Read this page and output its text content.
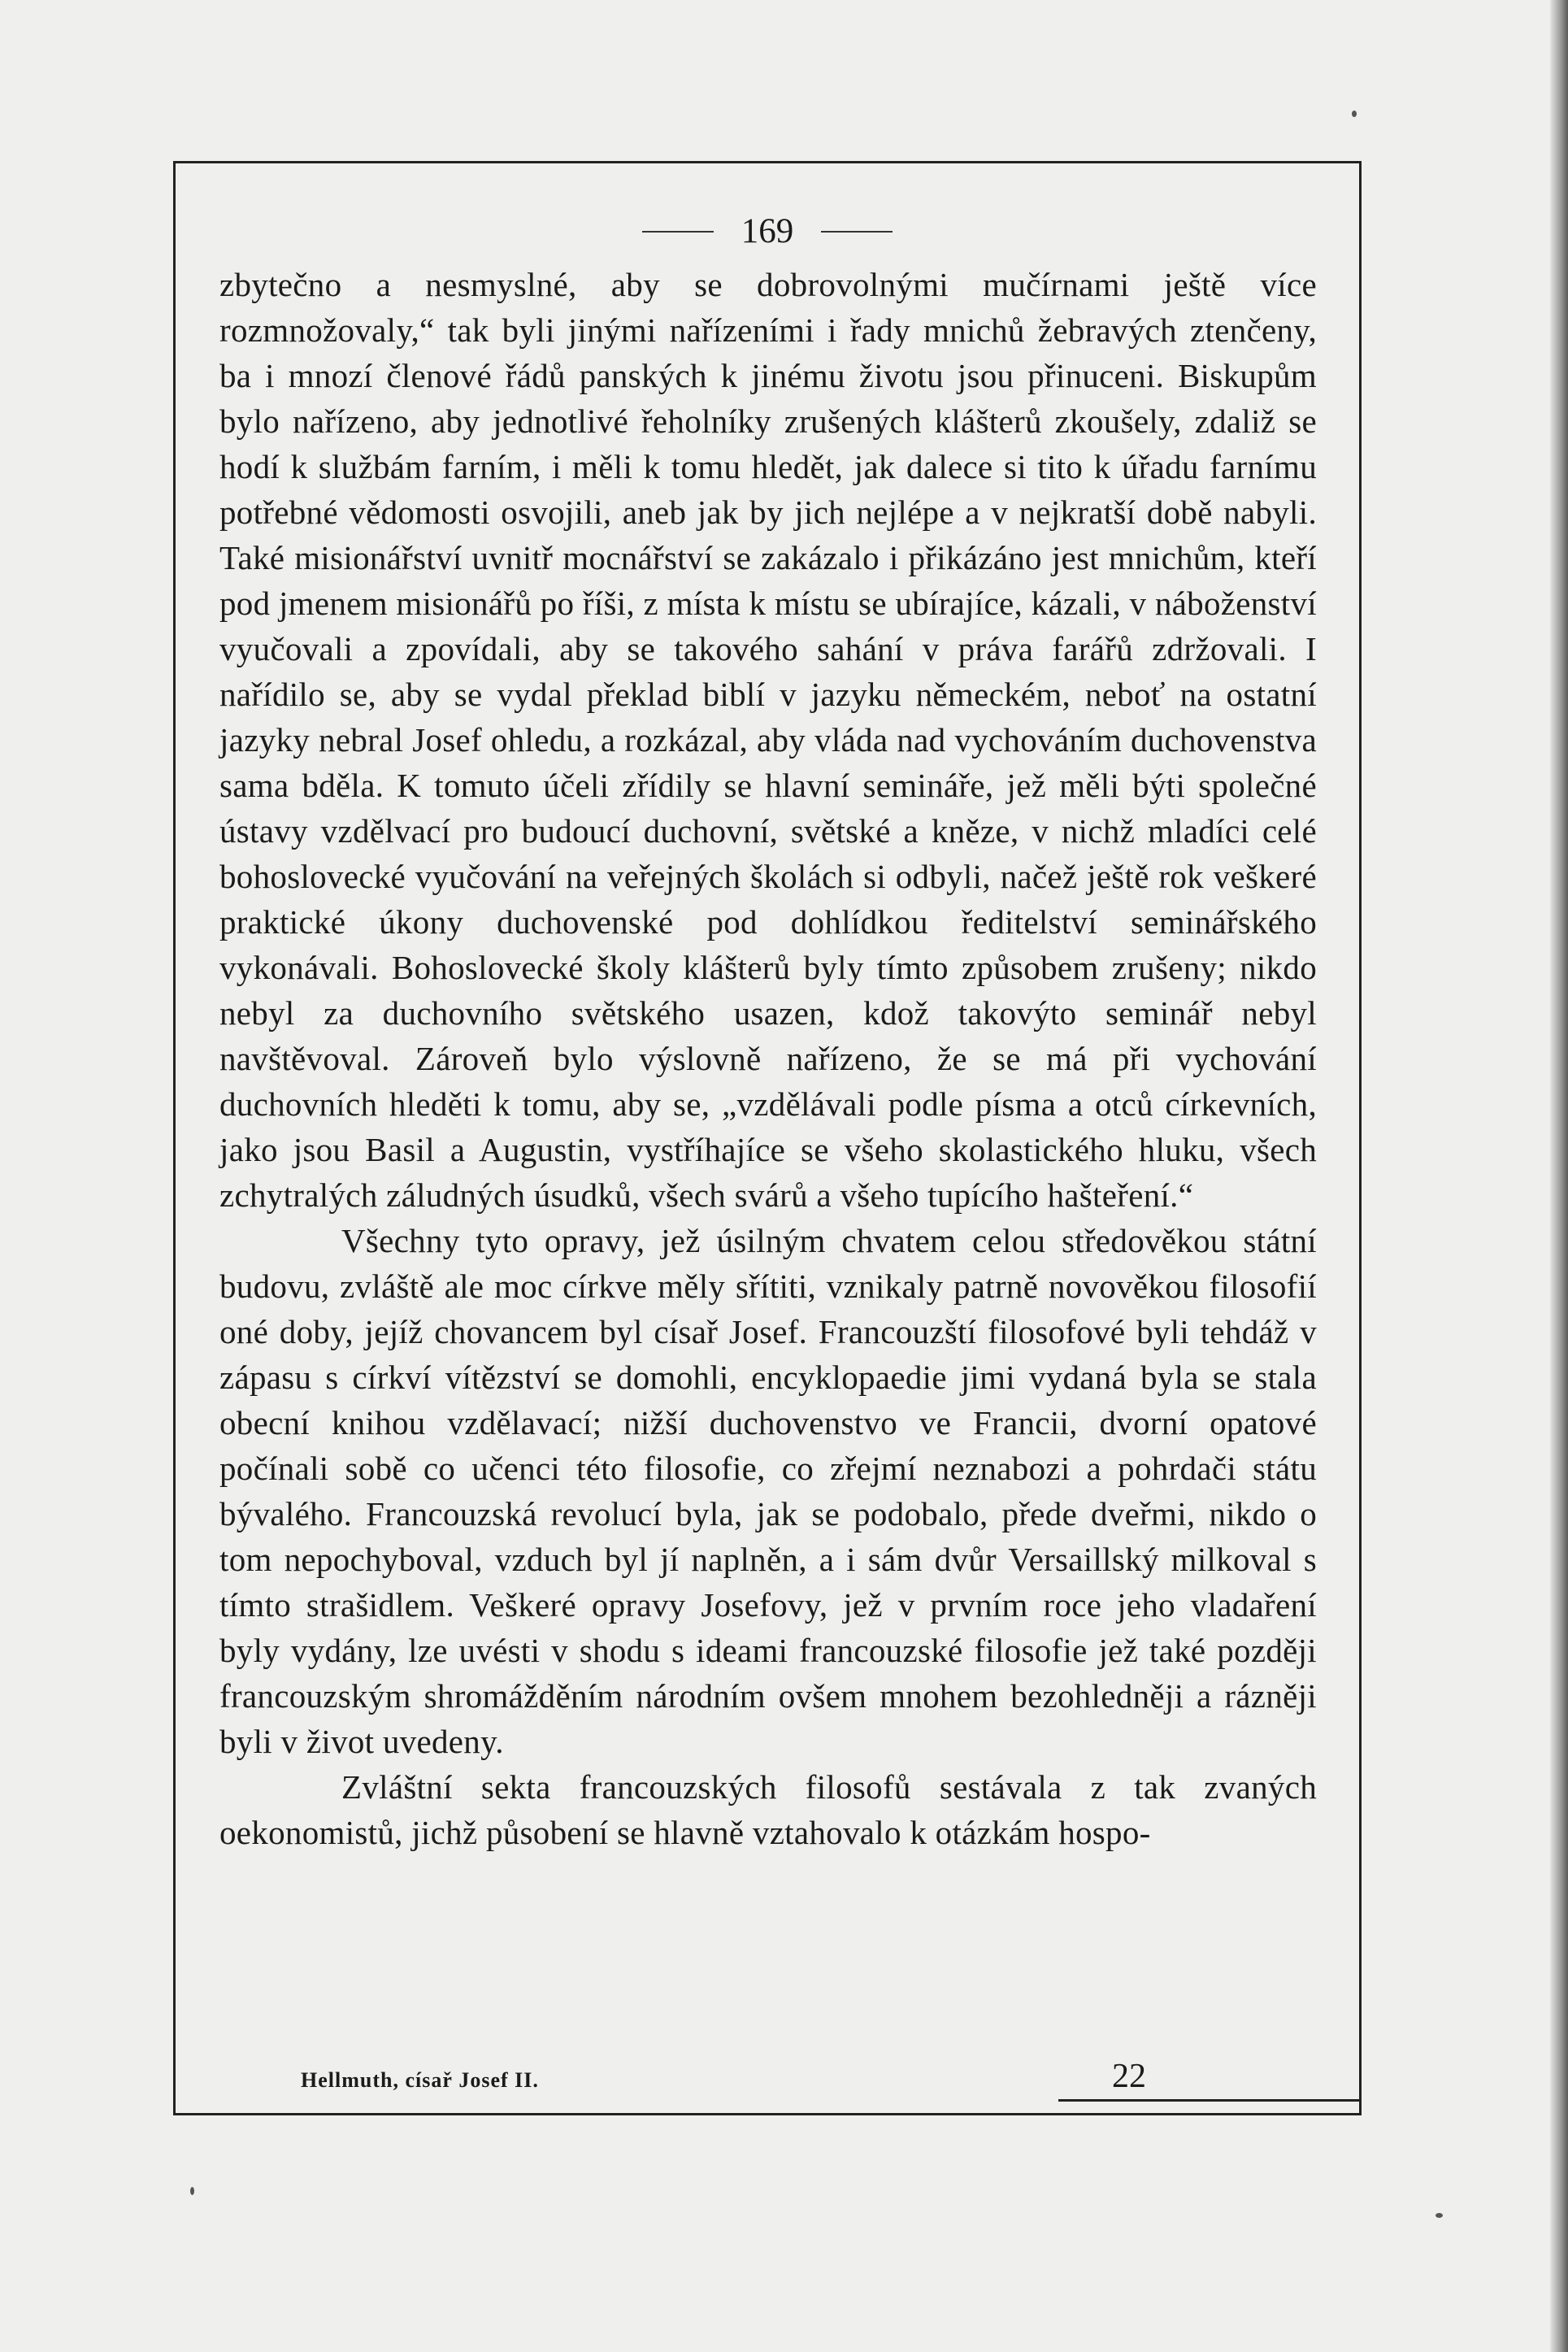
169

zbytečno a nesmyslné, aby se dobrovolnými mučírnami ještě více rozmnožovaly,“ tak byli jinými nařízeními i řady mnichů žebravých ztenčeny, ba i mnozí členové řádů panských k jinému životu jsou přinuceni. Biskupům bylo nařízeno, aby jednotlivé řeholníky zrušených klášterů zkoušely, zdaliž se hodí k službám farním, i měli k tomu hledět, jak dalece si tito k úřadu farnímu potřebné vědomosti osvojili, aneb jak by jich nejlépe a v nejkratší době nabyli. Také misionářství uvnitř mocnářství se zakázalo i přikázáno jest mnichům, kteří pod jmenem misionářů po říši, z místa k místu se ubírajíce, kázali, v náboženství vyučovali a zpovídali, aby se takového sahání v práva farářů zdržovali. I nařídilo se, aby se vydal překlad biblí v jazyku německém, neboť na ostatní jazyky nebral Josef ohledu, a rozkázal, aby vláda nad vychováním duchovenstva sama bděla. K tomuto účeli zřídily se hlavní semináře, jež měli býti společné ústavy vzdělvací pro budoucí duchovní, světské a kněze, v nichž mladíci celé bohoslovecké vyučování na veřejných školách si odbyli, načež ještě rok veškeré praktické úkony duchovenské pod dohlídkou ředitelství seminářského vykonávali. Bohoslovecké školy klášterů byly tímto způsobem zrušeny; nikdo nebyl za duchovního světského usazen, kdož takovýto seminář nebyl navštěvoval. Zároveň bylo výslovně nařízeno, že se má při vychování duchovních hleděti k tomu, aby se, „vzdělávali podle písma a otců církevních, jako jsou Basil a Augustin, vystříhajíce se všeho skolastického hluku, všech zchytralých záludných úsudků, všech svárů a všeho tupícího hašteření.“

Všechny tyto opravy, jež úsilným chvatem celou středověkou státní budovu, zvláště ale moc církve měly sřítiti, vznikaly patrně novověkou filosofií oné doby, jejíž chovancem byl císař Josef. Francouzští filosofové byli tehdáž v zápasu s církví vítězství se domohli, encyklopaedie jimi vydaná byla se stala obecní knihou vzdělavací; nižší duchovenstvo ve Francii, dvorní opatové počínali sobě co učenci této filosofie, co zřejmí neznabozi a pohrdači státu bývalého. Francouzská revolucí byla, jak se podobalo, přede dveřmi, nikdo o tom nepochyboval, vzduch byl jí naplněn, a i sám dvůr Versaillský milkoval s tímto strašidlem. Veškeré opravy Josefovy, jež v prvním roce jeho vladaření byly vydány, lze uvésti v shodu s ideami francouzské filosofie jež také později francouzským shromážděním národním ovšem mnohem bezohledněji a rázněji byli v život uvedeny.

Zvláštní sekta francouzských filosofů sestávala z tak zvaných oekonomistů, jichž působení se hlavně vztahovalo k otázkám hospo-

Hellmuth, císař Josef II.	22
